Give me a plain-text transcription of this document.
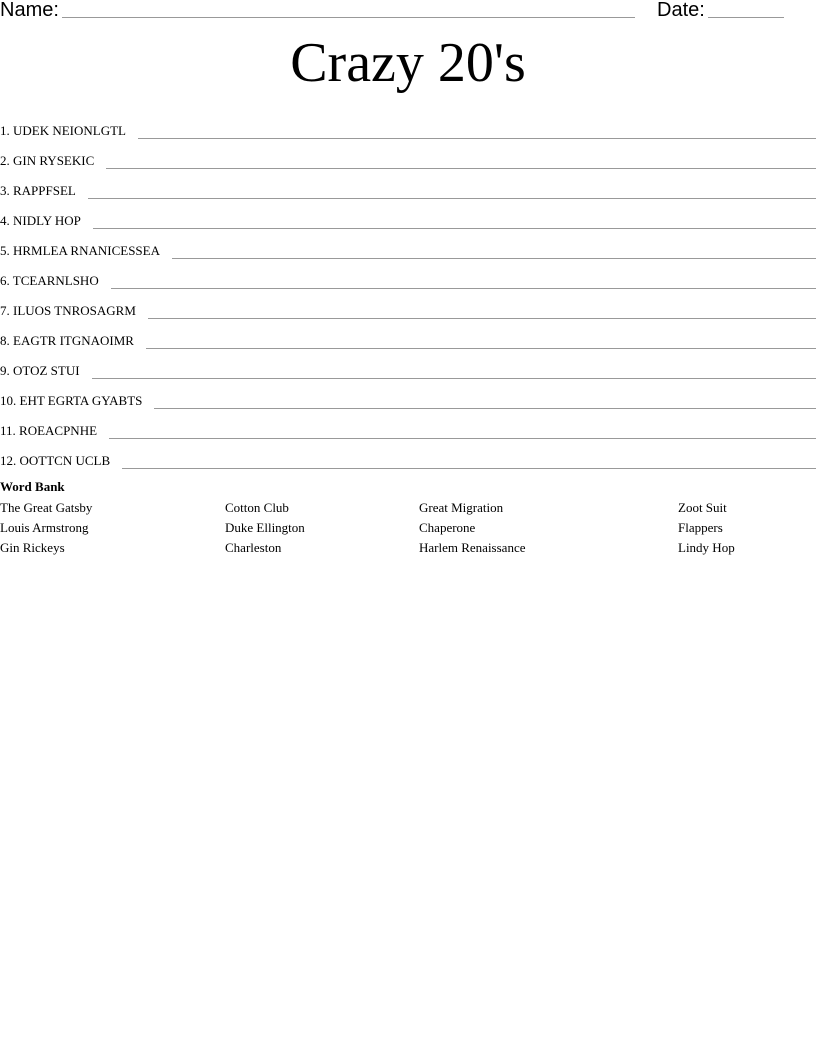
Name:	Date:
Crazy 20's
1. UDEK NEIONLGTL
2. GIN RYSEKIC
3. RAPPFSEL
4. NIDLY HOP
5. HRMLEA RNANICESSEA
6. TCEARNLSHO
7. ILUOS TNROSAGRM
8. EAGTR ITGNAOIMR
9. OTOZ STUI
10. EHT EGRTA GYABTS
11. ROEACPNHE
12. OOTTCN UCLB
Word Bank
The Great Gatsby	Cotton Club	Great Migration	Zoot Suit
Louis Armstrong	Duke Ellington	Chaperone	Flappers
Gin Rickeys	Charleston	Harlem Renaissance	Lindy Hop
